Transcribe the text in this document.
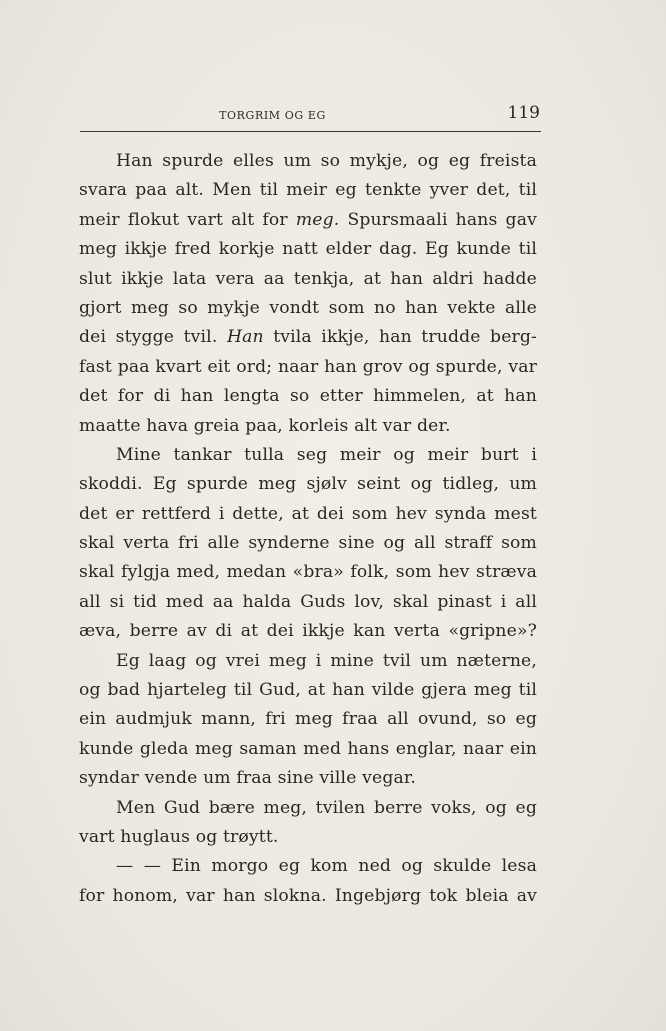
TORGRIM OG EG	119
Han spurde elles um so mykje, og eg freista
svara paa alt. Men til meir eg tenkte yver det, til
meir flokut vart alt for meg. Spursmaali hans gav
meg ikkje fred korkje natt elder dag. Eg kunde til
slut ikkje lata vera aa tenkja, at han aldri hadde
gjort meg so mykje vondt som no han vekte alle
dei stygge tvil. Han tvila ikkje, han trudde berg-
fast paa kvart eit ord; naar han grov og spurde, var
det for di han lengta so etter himmelen, at han
maatte hava greia paa, korleis alt var der.
Mine tankar tulla seg meir og meir burt i
skoddi. Eg spurde meg sjølv seint og tidleg, um
det er rettferd i dette, at dei som hev synda mest
skal verta fri alle synderne sine og all straff som
skal fylgja med, medan «bra» folk, som hev stræva
all si tid med aa halda Guds lov, skal pinast i all
æva, berre av di at dei ikkje kan verta «gripne»?
Eg laag og vrei meg i mine tvil um næterne,
og bad hjarteleg til Gud, at han vilde gjera meg til
ein audmjuk mann, fri meg fraa all ovund, so eg
kunde gleda meg saman med hans englar, naar ein
syndar vende um fraa sine ville vegar.
Men Gud bære meg, tvilen berre voks, og eg
vart huglaus og trøytt.
— — Ein morgo eg kom ned og skulde lesa
for honom, var han slokna. Ingebjørg tok bleia av
